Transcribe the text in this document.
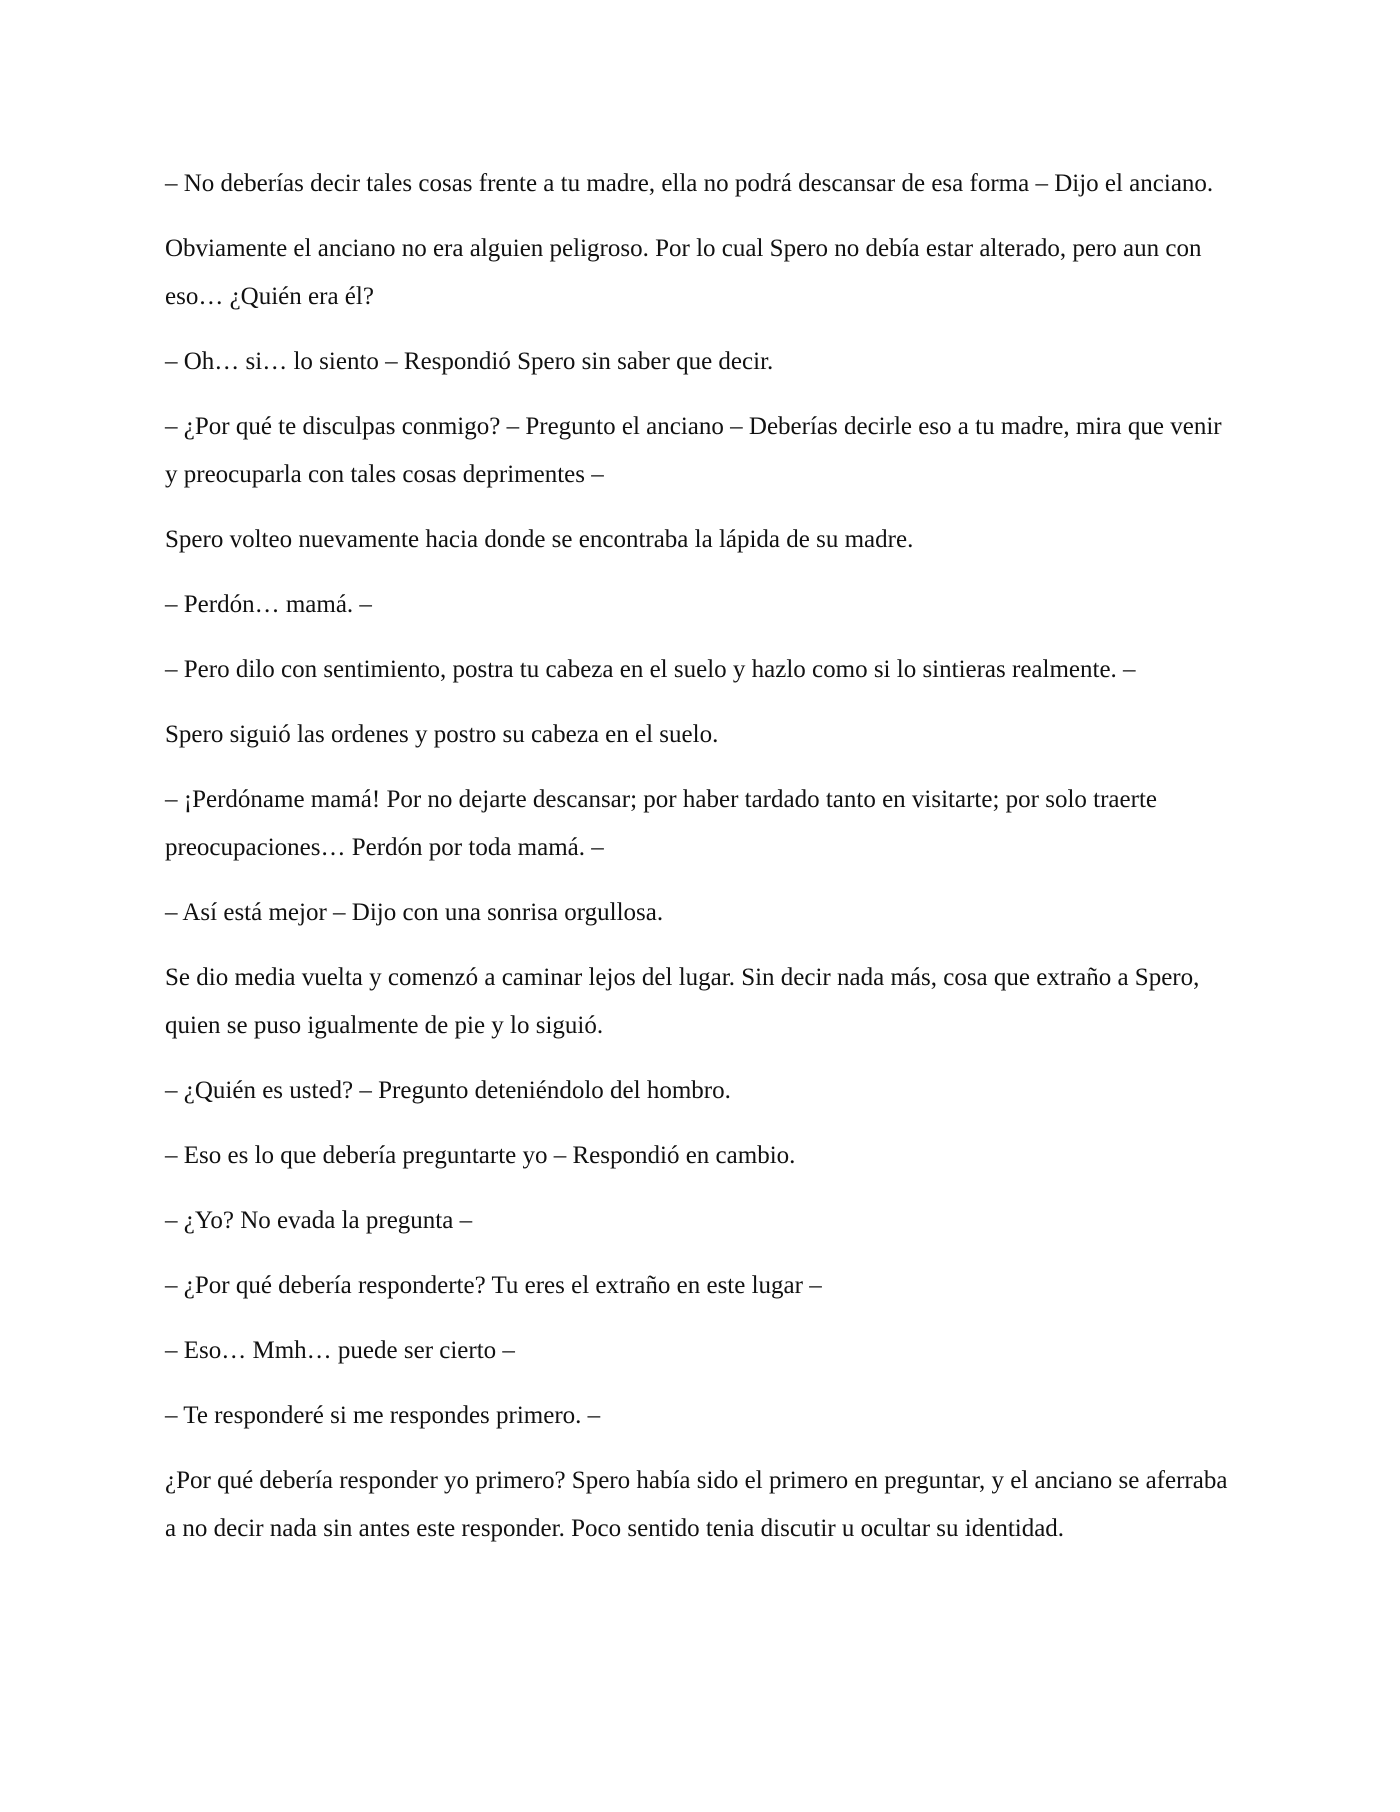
– No deberías decir tales cosas frente a tu madre, ella no podrá descansar de esa forma – Dijo el anciano.

Obviamente el anciano no era alguien peligroso. Por lo cual Spero no debía estar alterado, pero aun con eso… ¿Quién era él?

– Oh… si… lo siento – Respondió Spero sin saber que decir.

– ¿Por qué te disculpas conmigo? – Pregunto el anciano – Deberías decirle eso a tu madre, mira que venir y preocuparla con tales cosas deprimentes –

Spero volteo nuevamente hacia donde se encontraba la lápida de su madre.

– Perdón… mamá. –

– Pero dilo con sentimiento, postra tu cabeza en el suelo y hazlo como si lo sintieras realmente. –

Spero siguió las ordenes y postro su cabeza en el suelo.

– ¡Perdóname mamá! Por no dejarte descansar; por haber tardado tanto en visitarte; por solo traerte preocupaciones… Perdón por toda mamá. –

– Así está mejor – Dijo con una sonrisa orgullosa.

Se dio media vuelta y comenzó a caminar lejos del lugar. Sin decir nada más, cosa que extraño a Spero, quien se puso igualmente de pie y lo siguió.

– ¿Quién es usted? – Pregunto deteniéndolo del hombro.

– Eso es lo que debería preguntarte yo – Respondió en cambio.

– ¿Yo? No evada la pregunta –

– ¿Por qué debería responderte? Tu eres el extraño en este lugar –

– Eso… Mmh… puede ser cierto –

– Te responderé si me respondes primero. –

¿Por qué debería responder yo primero? Spero había sido el primero en preguntar, y el anciano se aferraba a no decir nada sin antes este responder. Poco sentido tenia discutir u ocultar su identidad.
